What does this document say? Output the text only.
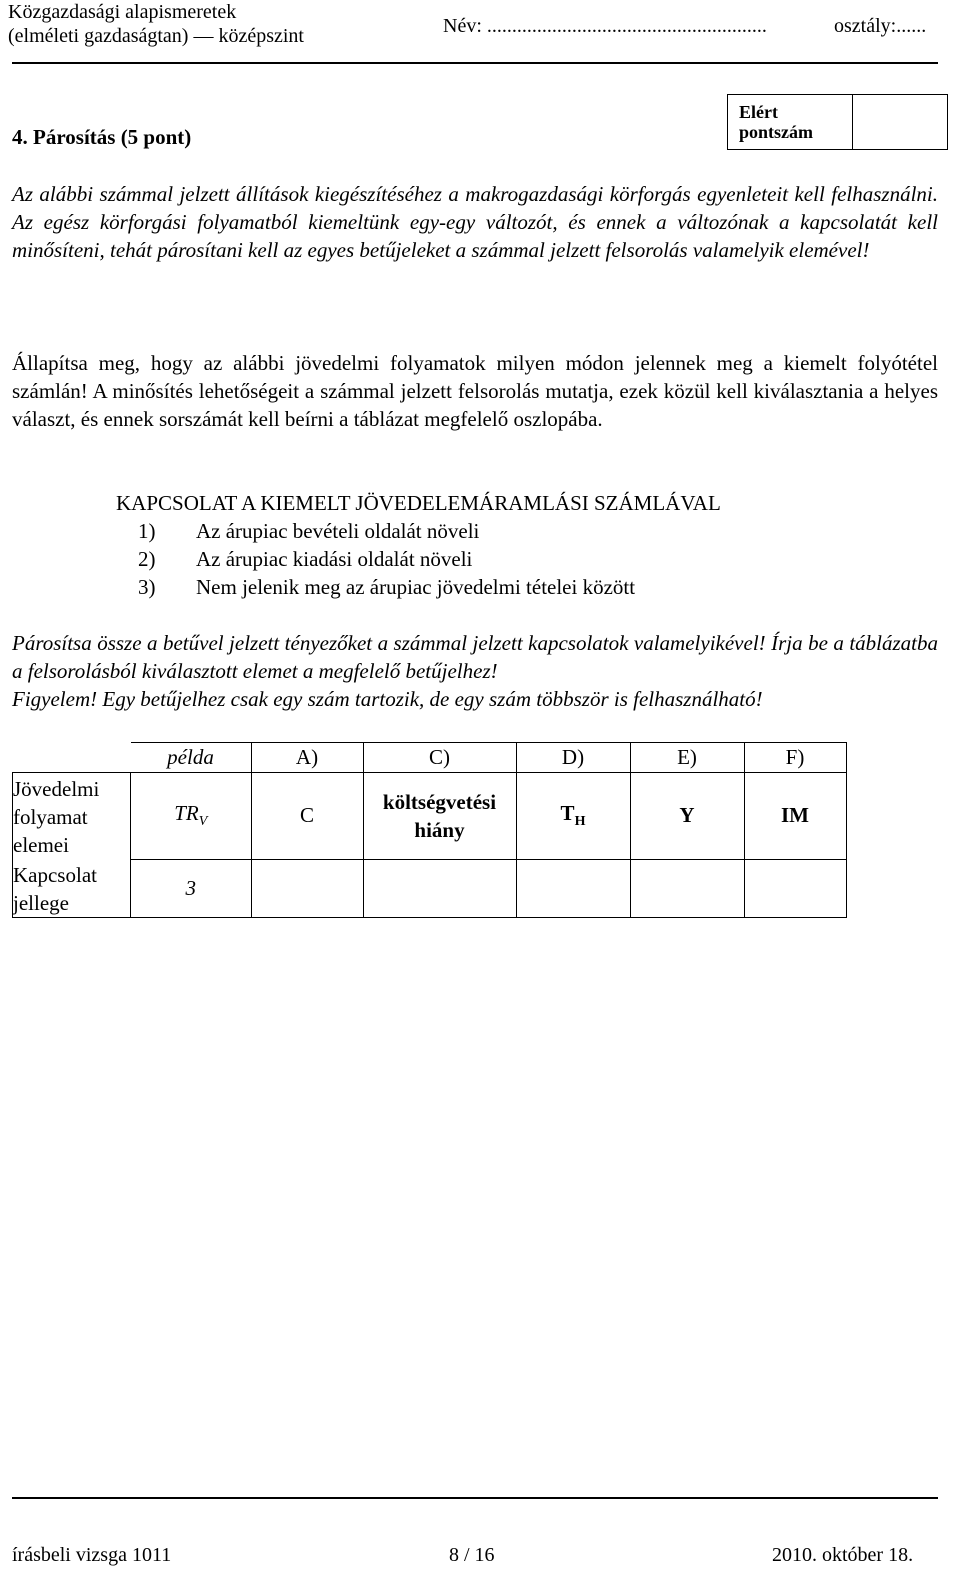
Közgazdasági alapismeretek
(elméleti gazdaságtan) — középszint	Név: ........................................................	osztály:......
4. Párosítás (5 pont)
Elért
pontszám
Az alábbi számmal jelzett állítások kiegészítéséhez a makrogazdasági körforgás egyenleteit kell felhasználni. Az egész körforgási folyamatból kiemeltünk egy-egy változót, és ennek a változónak a kapcsolatát kell minősíteni, tehát párosítani kell az egyes betűjeleket a számmal jelzett felsorolás valamelyik elemével!
Állapítsa meg, hogy az alábbi jövedelmi folyamatok milyen módon jelennek meg a kiemelt folyótétel számlán! A minősítés lehetőségeit a számmal jelzett felsorolás mutatja, ezek közül kell kiválasztania a helyes választ, és ennek sorszámát kell beírni a táblázat megfelelő oszlopába.
KAPCSOLAT A KIEMELT JÖVEDELEMÁRAMLÁSI SZÁMLÁVAL
1) Az árupiac bevételi oldalát növeli
2) Az árupiac kiadási oldalát növeli
3) Nem jelenik meg az árupiac jövedelmi tételei között
Párosítsa össze a betűvel jelzett tényezőket a számmal jelzett kapcsolatok valamelyikével! Írja be a táblázatba a felsorolásból kiválasztott elemet a megfelelő betűjelhez!
Figyelem! Egy betűjelhez csak egy szám tartozik, de egy szám többször is felhasználható!
	példa	A)	C)	D)	E)	F)
Jövedelmi folyamat elemei	$TR_V$	C	költségvetési hiány	$T_H$	Y	IM
Kapcsolat jellege	3					
írásbeli vizsga 1011	8 / 16	2010. október 18.
